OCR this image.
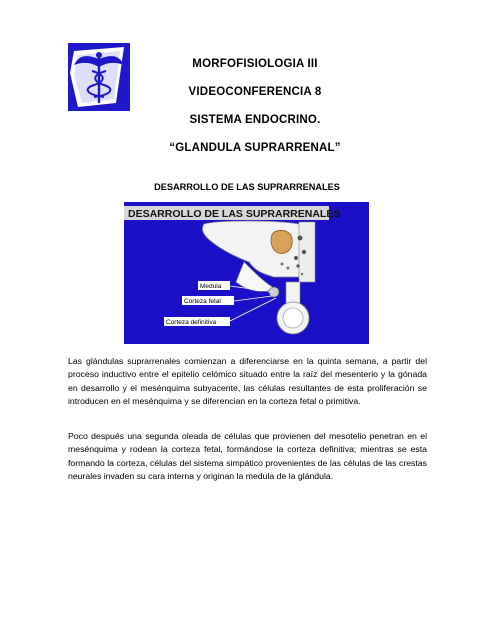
MORFOFISIOLOGIA III
VIDEOCONFERENCIA 8
SISTEMA ENDOCRINO.
“GLANDULA SUPRARRENAL”
DESARROLLO DE LAS SUPRARRENALES
DESARROLLO DE LAS SUPRARRENALES
Medula
Corteza fetal
Corteza definitiva

Las glándulas suprarrenales comienzan a diferenciarse en la quinta semana, a partir del proceso inductivo entre el epitelio celómico situado entre la raíz del mesenterio y la gónada en desarrollo y el mesénquima subyacente, las células resultantes de esta proliferación se introducen en el mesénquima y se diferencian en la corteza fetal o primitiva.

Poco después una segunda oleada de células que provienen del mesotelio penetran en el mesénquima y rodean la corteza fetal, formándose la corteza definitiva; mientras se esta formando la corteza, células del sistema simpático provenientes de las células de las crestas neurales invaden su cara interna y originan la medula de la glándula.
